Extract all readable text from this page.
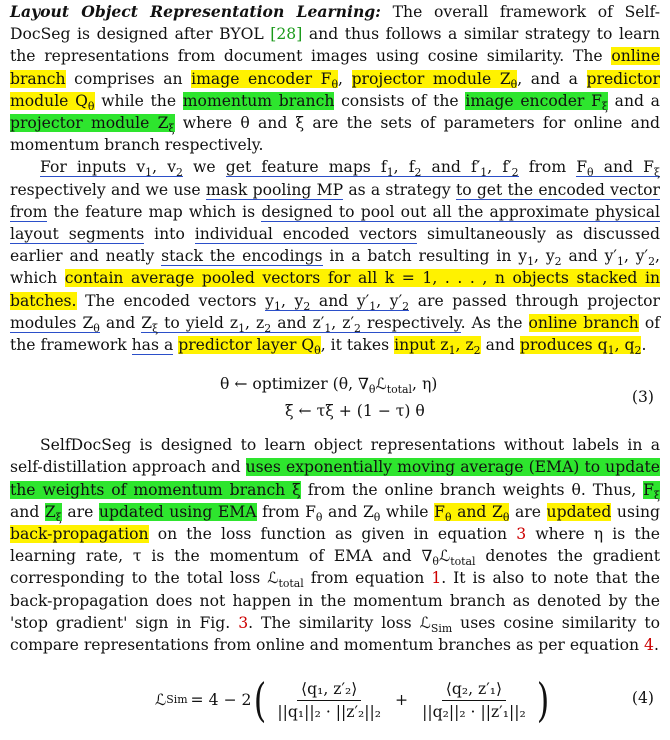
Layout Object Representation Learning: The overall framework of Self-DocSeg is designed after BYOL [28] and thus follows a similar strategy to learn the representations from document images using cosine similarity. The online branch comprises an image encoder $F_\theta$, projector module $Z_\theta$, and a predictor module $Q_\theta$ while the momentum branch consists of the image encoder $F_\xi$ and a projector module $Z_\xi$ where θ and ξ are the sets of parameters for online and momentum branch respectively.

For inputs $v_1$, $v_2$ we get feature maps $f_1$, $f_2$ and $f'_1$, $f'_2$ from $F_\theta$ and $F_\xi$ respectively and we use mask pooling MP as a strategy to get the encoded vector from the feature map which is designed to pool out all the approximate physical layout segments into individual encoded vectors simultaneously as discussed earlier and neatly stack the encodings in a batch resulting in $y_1$, $y_2$ and $y'_1$, $y'_2$, which contain average pooled vectors for all k = 1, . . . , n objects stacked in batches. The encoded vectors $y_1$, $y_2$ and $y'_1$, $y'_2$ are passed through projector modules $Z_\theta$ and $Z_\xi$ to yield $z_1$, $z_2$ and $z'_1$, $z'_2$ respectively. As the online branch of the framework has a predictor layer $Q_\theta$, it takes input $z_1$, $z_2$ and produces $q_1$, $q_2$.

θ ← optimizer (θ, $\nabla_\theta ℒ_{total}$, η)
ξ ← τξ + (1 − τ) θ
(3)

SelfDocSeg is designed to learn object representations without labels in a self-distillation approach and uses exponentially moving average (EMA) to update the weights of momentum branch ξ from the online branch weights θ. Thus, $F_\xi$ and $Z_\xi$ are updated using EMA from $F_\theta$ and $Z_\theta$ while $F_\theta$ and $Z_\theta$ are updated using back-propagation on the loss function as given in equation 3 where η is the learning rate, τ is the momentum of EMA and $\nabla_\theta ℒ_{total}$ denotes the gradient corresponding to the total loss ℒ$_{total}$ from equation 1. It is also to note that the back-propagation does not happen in the momentum branch as denoted by the 'stop gradient' sign in Fig. 3. The similarity loss ℒ$_{Sim}$ uses cosine similarity to compare representations from online and momentum branches as per equation 4.

ℒ Sim = 4 − 2 ( $\frac{\text{⟨q₁, z′₂⟩}}{\text{||q₁||₂ · ||z′₂||₂}} + \frac{\text{⟨q₂, z′₁⟩}}{\text{||q₂||₂ · ||z′₁||₂}}$ )	(4)
